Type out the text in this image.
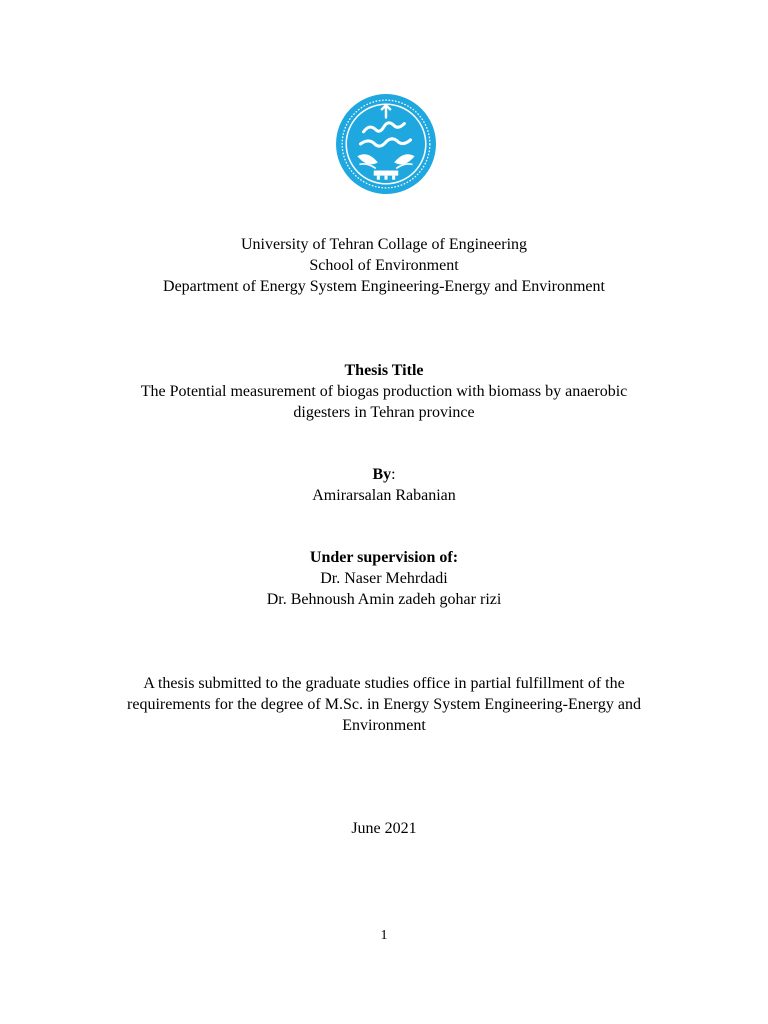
University of Tehran Collage of Engineering
School of Environment
Department of Energy System Engineering-Energy and Environment
Thesis Title
The Potential measurement of biogas production with biomass by anaerobic
digesters in Tehran province
By:
Amirarsalan Rabanian
Under supervision of:
Dr. Naser Mehrdadi
Dr. Behnoush Amin zadeh gohar rizi
A thesis submitted to the graduate studies office in partial fulfillment of the
requirements for the degree of M.Sc. in Energy System Engineering-Energy and
Environment
June 2021
1
